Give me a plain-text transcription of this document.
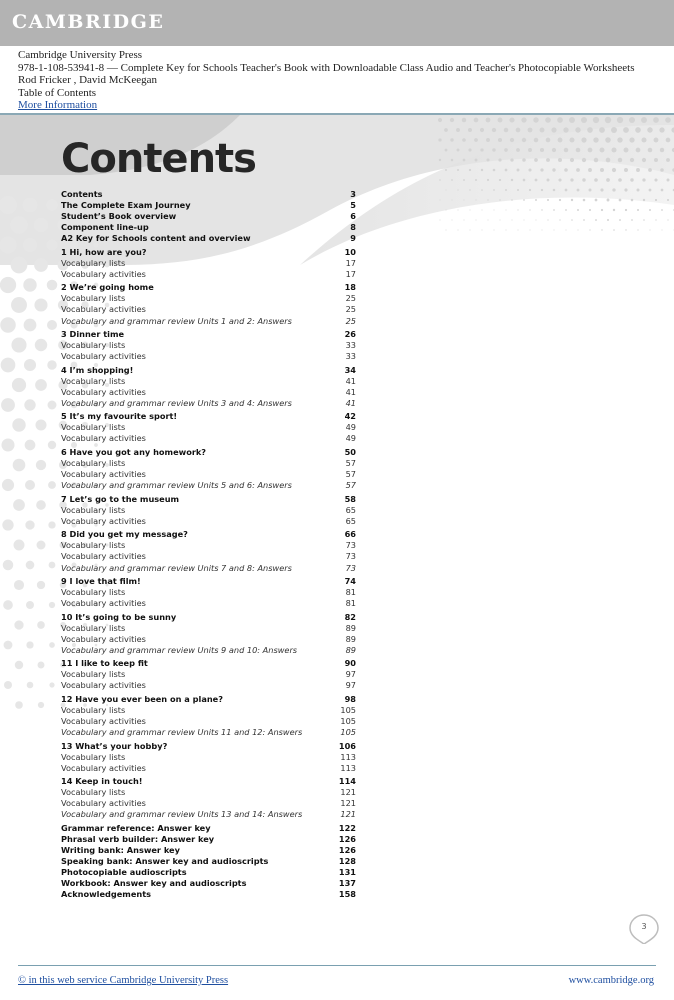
CAMBRIDGE
Cambridge University Press
978-1-108-53941-8 — Complete Key for Schools Teacher's Book with Downloadable Class Audio and Teacher's Photocopiable Worksheets
Rod Fricker , David McKeegan
Table of Contents
More Information
Contents
Contents	3
The Complete Exam Journey	5
Student’s Book overview	6
Component line-up	8
A2 Key for Schools content and overview	9
1 Hi, how are you?	10
Vocabulary lists	17
Vocabulary activities	17
2 We’re going home	18
Vocabulary lists	25
Vocabulary activities	25
Vocabulary and grammar review Units 1 and 2: Answers	25
3 Dinner time	26
Vocabulary lists	33
Vocabulary activities	33
4 I’m shopping!	34
Vocabulary lists	41
Vocabulary activities	41
Vocabulary and grammar review Units 3 and 4: Answers	41
5 It’s my favourite sport!	42
Vocabulary lists	49
Vocabulary activities	49
6 Have you got any homework?	50
Vocabulary lists	57
Vocabulary activities	57
Vocabulary and grammar review Units 5 and 6: Answers	57
7 Let’s go to the museum	58
Vocabulary lists	65
Vocabulary activities	65
8 Did you get my message?	66
Vocabulary lists	73
Vocabulary activities	73
Vocabulary and grammar review Units 7 and 8: Answers	73
9 I love that film!	74
Vocabulary lists	81
Vocabulary activities	81
10 It’s going to be sunny	82
Vocabulary lists	89
Vocabulary activities	89
Vocabulary and grammar review Units 9 and 10: Answers	89
11 I like to keep fit	90
Vocabulary lists	97
Vocabulary activities	97
12 Have you ever been on a plane?	98
Vocabulary lists	105
Vocabulary activities	105
Vocabulary and grammar review Units 11 and 12: Answers	105
13 What’s your hobby?	106
Vocabulary lists	113
Vocabulary activities	113
14 Keep in touch!	114
Vocabulary lists	121
Vocabulary activities	121
Vocabulary and grammar review Units 13 and 14: Answers	121
Grammar reference: Answer key	122
Phrasal verb builder: Answer key	126
Writing bank: Answer key	126
Speaking bank: Answer key and audioscripts	128
Photocopiable audioscripts	131
Workbook: Answer key and audioscripts	137
Acknowledgements	158
3
© in this web service Cambridge University Press	www.cambridge.org
